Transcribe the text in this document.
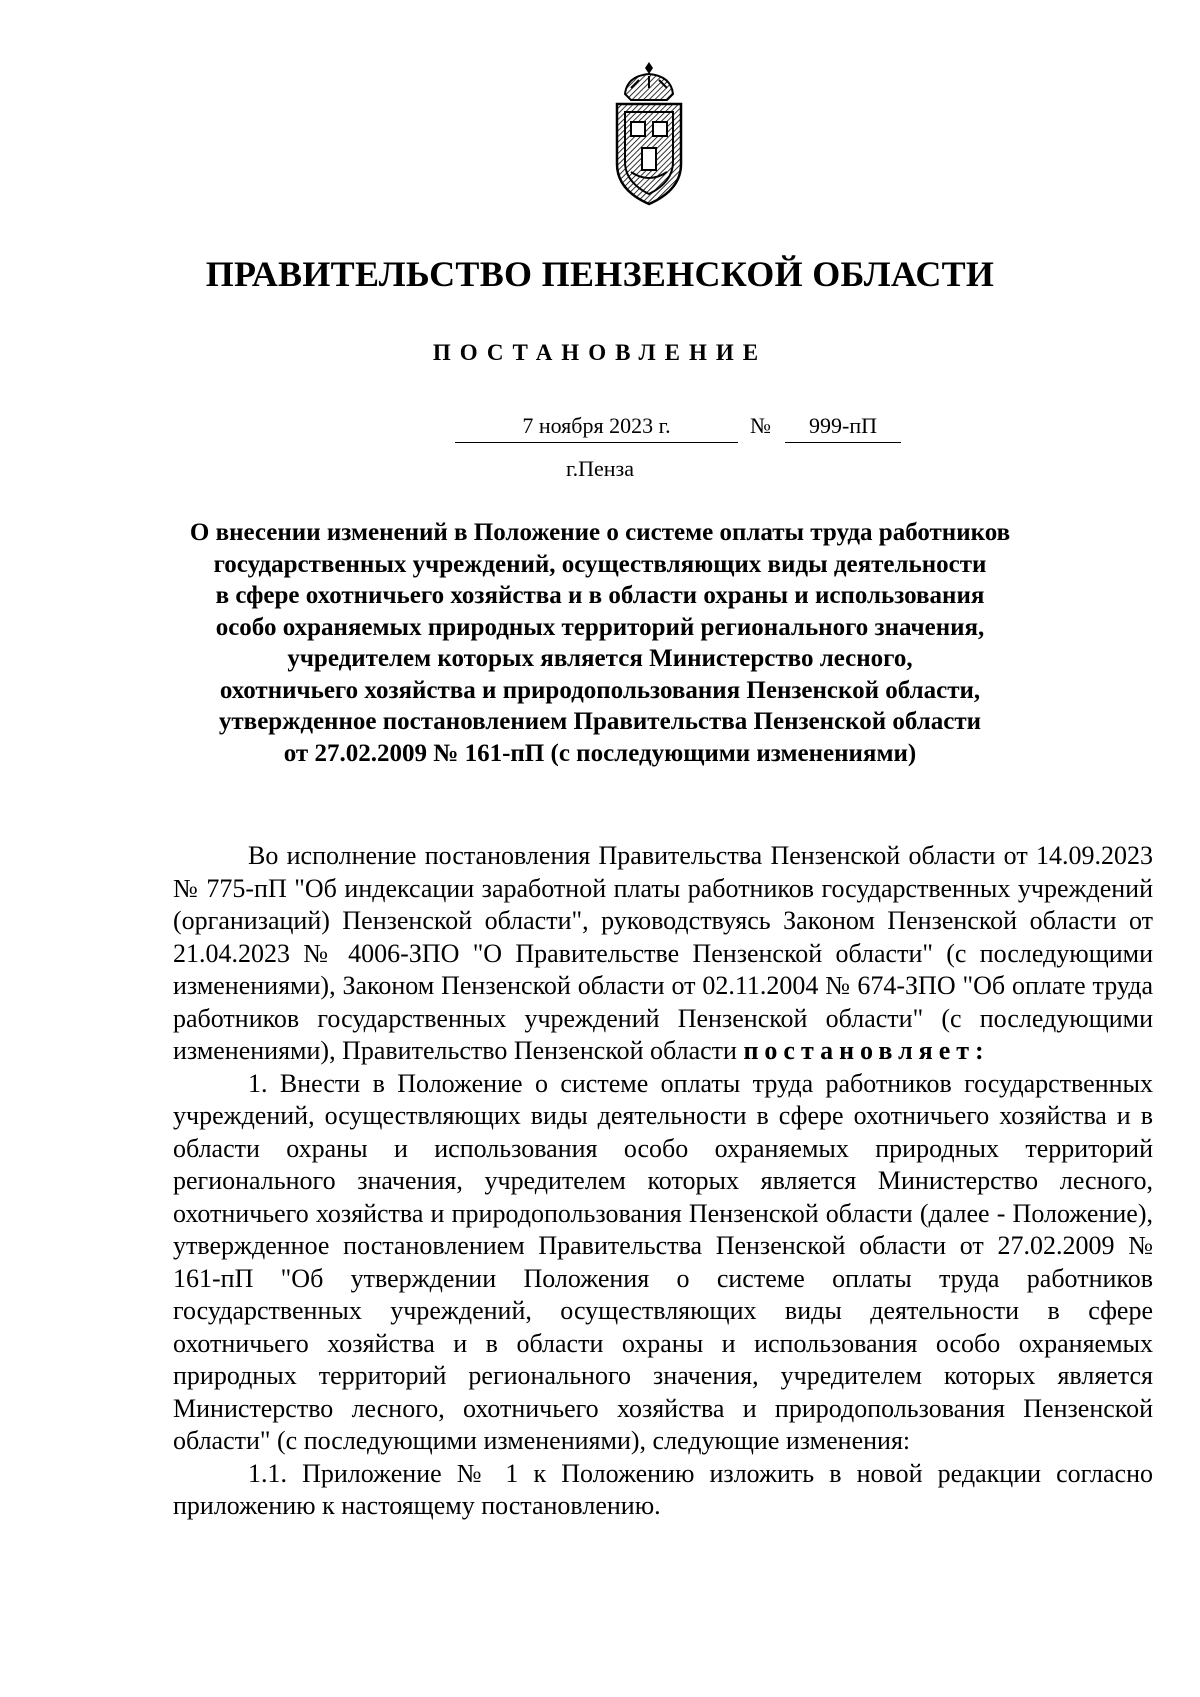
ПРАВИТЕЛЬСТВО ПЕНЗЕНСКОЙ ОБЛАСТИ
ПОСТАНОВЛЕНИЕ
7 ноября 2023 г.	№	999-пП
г.Пенза
О внесении изменений в Положение о системе оплаты труда работников
государственных учреждений, осуществляющих виды деятельности
в сфере охотничьего хозяйства и в области охраны и использования
особо охраняемых природных территорий регионального значения,
учредителем которых является Министерство лесного,
охотничьего хозяйства и природопользования Пензенской области,
утвержденное постановлением Правительства Пензенской области
от 27.02.2009 № 161-пП (с последующими изменениями)

Во исполнение постановления Правительства Пензенской области от 14.09.2023 № 775-пП "Об индексации заработной платы работников государственных учреждений (организаций) Пензенской области", руководствуясь Законом Пензенской области от 21.04.2023 № 4006-ЗПО "О Правительстве Пензенской области" (с последующими изменениями), Законом Пензенской области от 02.11.2004 № 674-ЗПО "Об оплате труда работников государственных учреждений Пензенской области" (с последующими изменениями), Правительство Пензенской области постановляет:

1. Внести в Положение о системе оплаты труда работников государственных учреждений, осуществляющих виды деятельности в сфере охотничьего хозяйства и в области охраны и использования особо охраняемых природных территорий регионального значения, учредителем которых является Министерство лесного, охотничьего хозяйства и природопользования Пензенской области (далее - Положение), утвержденное постановлением Правительства Пензенской области от 27.02.2009 № 161-пП "Об утверждении Положения о системе оплаты труда работников государственных учреждений, осуществляющих виды деятельности в сфере охотничьего хозяйства и в области охраны и использования особо охраняемых природных территорий регионального значения, учредителем которых является Министерство лесного, охотничьего хозяйства и природопользования Пензенской области" (с последующими изменениями), следующие изменения:

1.1. Приложение № 1 к Положению изложить в новой редакции согласно приложению к настоящему постановлению.
